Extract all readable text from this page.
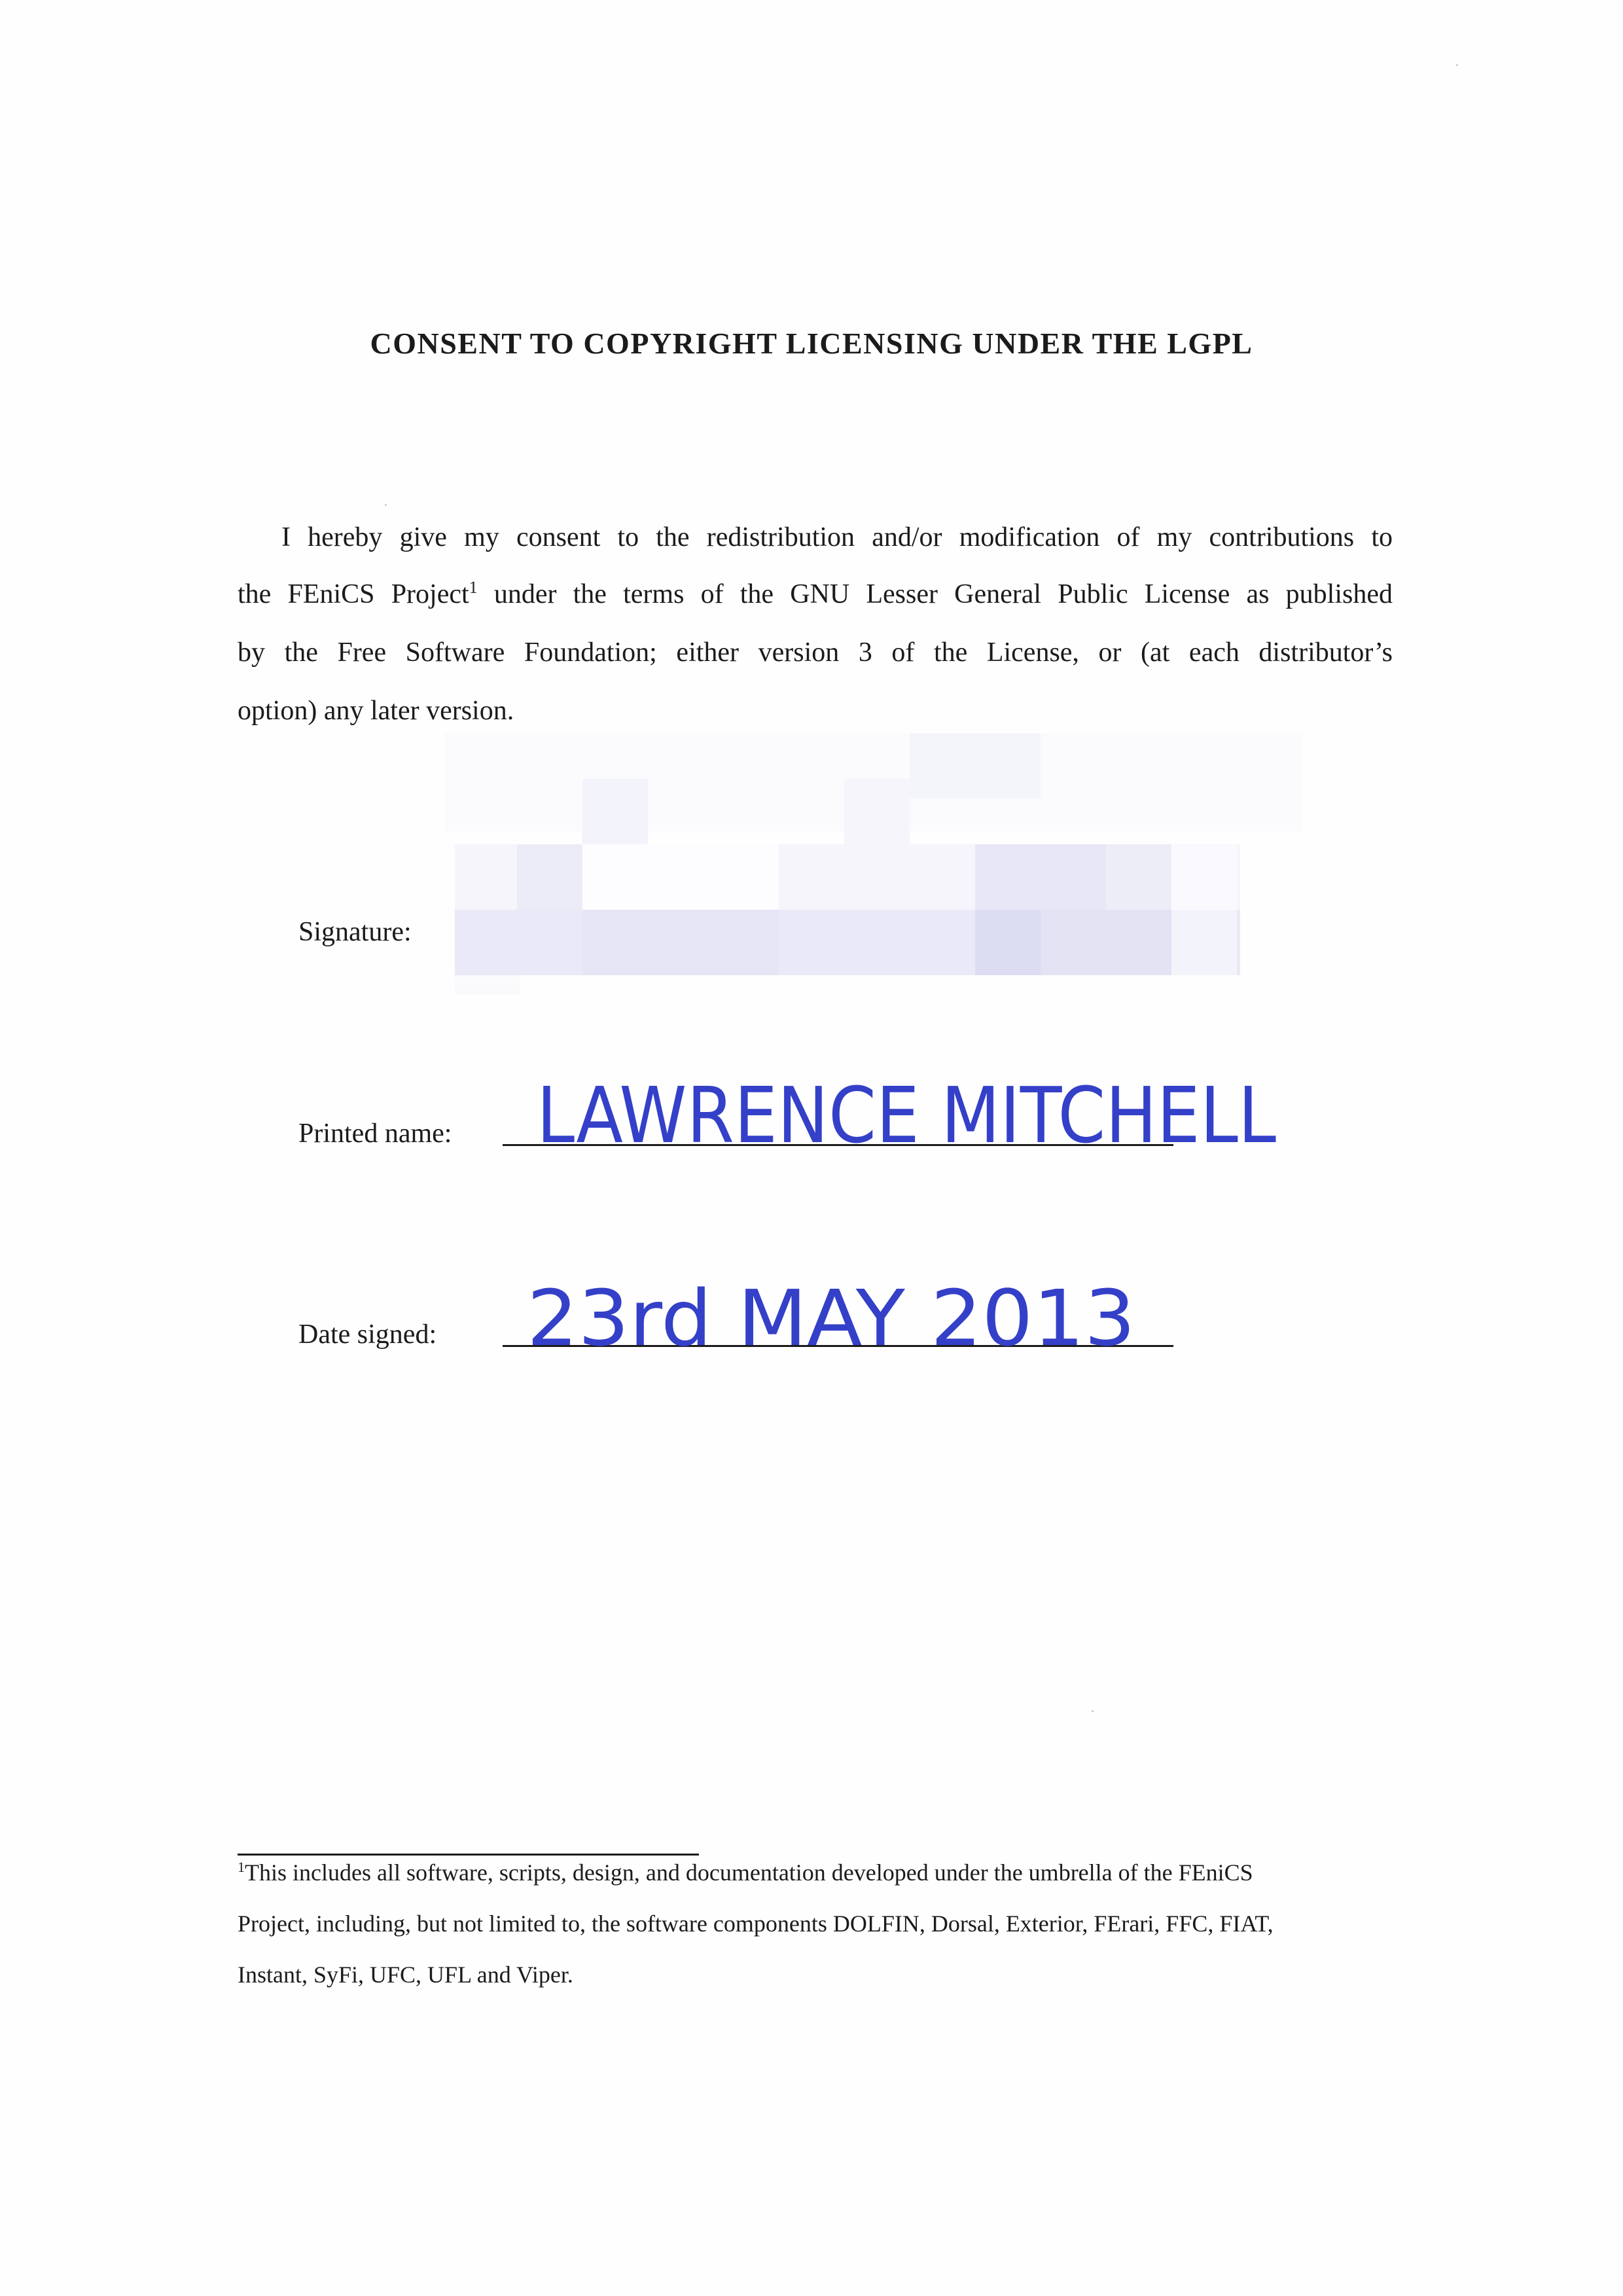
CONSENT TO COPYRIGHT LICENSING UNDER THE LGPL
I hereby give my consent to the redistribution and/or modification of my contributions to
the FEniCS Project$^1$ under the terms of the GNU Lesser General Public License as published
by the Free Software Foundation; either version 3 of the License, or (at each distributor’s
option) any later version.
Signature:
Printed name: LAWRENCE MITCHELL
Date signed: 23rd MAY 2013
$^1$This includes all software, scripts, design, and documentation developed under the umbrella of the FEniCS
Project, including, but not limited to, the software components DOLFIN, Dorsal, Exterior, FErari, FFC, FIAT,
Instant, SyFi, UFC, UFL and Viper.
